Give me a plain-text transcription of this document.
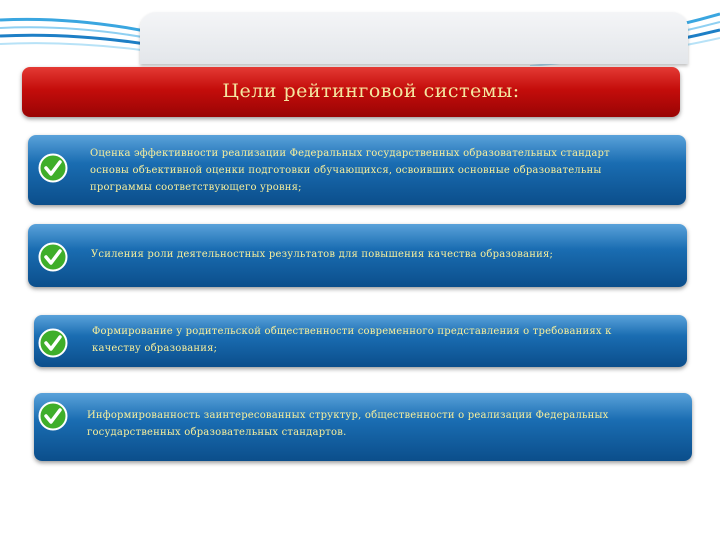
Цели рейтинговой системы:
Оценка эффективности реализации Федеральных государственных образовательных стандарт
основы объективной оценки подготовки обучающихся, освоивших основные образовательны
программы соответствующего уровня;
Усиления роли деятельностных результатов для повышения качества образования;
Формирование у родительской общественности современного представления о требованиях к
качеству образования;
Информированность заинтересованных структур, общественности о реализации Федеральных
государственных образовательных стандартов.
